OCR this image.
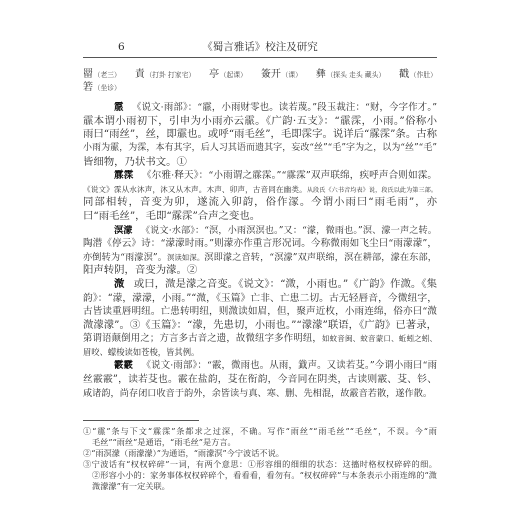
6	《蜀言雅话》校注及研究
罶（老三） 責（打卦 打家宅） 亭（起课） 簽开（课） 彝（探头 走头 藏头） 戳（作肚）
箬（坐诊）
霢 《说文·雨部》：“霢，小雨财零也。读若蔑。”段玉裁注：“财，今字作才。”
霢本谓小雨初下，引申为小雨亦云霢。《广韵·五支》：“霢霂，小雨。”俗称小
雨曰“雨丝”，丝，即霢也。或呼“雨毛丝”，毛即霂字。说详后“霡霂”条。古称
小雨为霢，为霂，本有其字，后人习其语而遗其字，妄改“丝”“毛”字为之，以为“丝”“毛”
皆细物，乃状书文。①
霡霂 《尔雅·释天》：“小雨谓之霡霂。”“霡霂”双声联绵，疾呼声合则如霂。
《说文》霂从水沐声，沐又从木声。木声、卯声，古音同在幽类。从段氏《六书音均表》说，段氏以此为第三部。
同部相转，音变为卯，遂流入卯韵，俗作溕。今谓小雨曰“雨毛雨”，亦
曰“雨毛丝”，毛即“霡霂”合声之变也。
溟濛 《说文·水部》：“溟，小雨溟溟也。”又：“濛，微雨也。”溟、濛一声之转。
陶潜《停云》诗：“濛濛时雨。”则濛亦作重言形况词。今称微雨如飞尘曰“雨濛濛”，
亦倒转为“雨濛溟”。溟读如深。溟即濛之音转，“溟濛”双声联绵，溟在耕部，濛在东部，
阳声转阴，音变为濛。②
溦 或曰，溦是濛之音变。《说文》：“溦，小雨也。”《广韵》作溦。《集
韵》：“濛，濛濛，小雨。”“溦，《玉篇》亡非、亡患二切。古无轻唇音，今微纽字，
古皆读重唇明纽。亡患转明纽，则溦读如眉，但，聚声近枚，小雨连绵，俗亦曰“溦
溦濛濛”。③《玉篇》：“濛，先患切，小雨也。”“濛濛”联语，《广韵》已著录，
第谓语颠倒用之；方言多古音之遗，故微纽字多作明纽，如蚊音闽、蚊音蒙口、蚯蚓之蚓、
眉咬、蠓梭读如苍梭，皆其例。
霰霰 《说文·雨部》：“霰，微雨也。从雨，韱声。又读若芟。”今谓小雨曰“雨
丝霰霰”，读若芟也。霰在盐韵，芟在衔韵，今音同在阴类，古读则霰、芟、钐、
咸诸韵，尚存闭口收音于韵外，余皆读与真、寒、删、先相混，故霰音若散，遂作散。
①“霢”条与下文“霡霂”条都求之过深，不确。写作“雨丝”“雨毛丝”“毛丝”，不误。今“雨
毛丝”“雨丝”是通语，“雨毛丝”是方言。
②“雨溟濛（雨濛濛）”为通语，“雨濛溟”今宁波话不说。
③宁波话有“权权碎碎”一词，有两个意思：①形容细的细细的状态：这搐时格权权碎碎的细。
②形容小小的：家务事体权权碎碎个，看看看，看勿有。“权权碎碎”与本条表示小雨连绵的“溦
溦濛濛”有一定关联。
